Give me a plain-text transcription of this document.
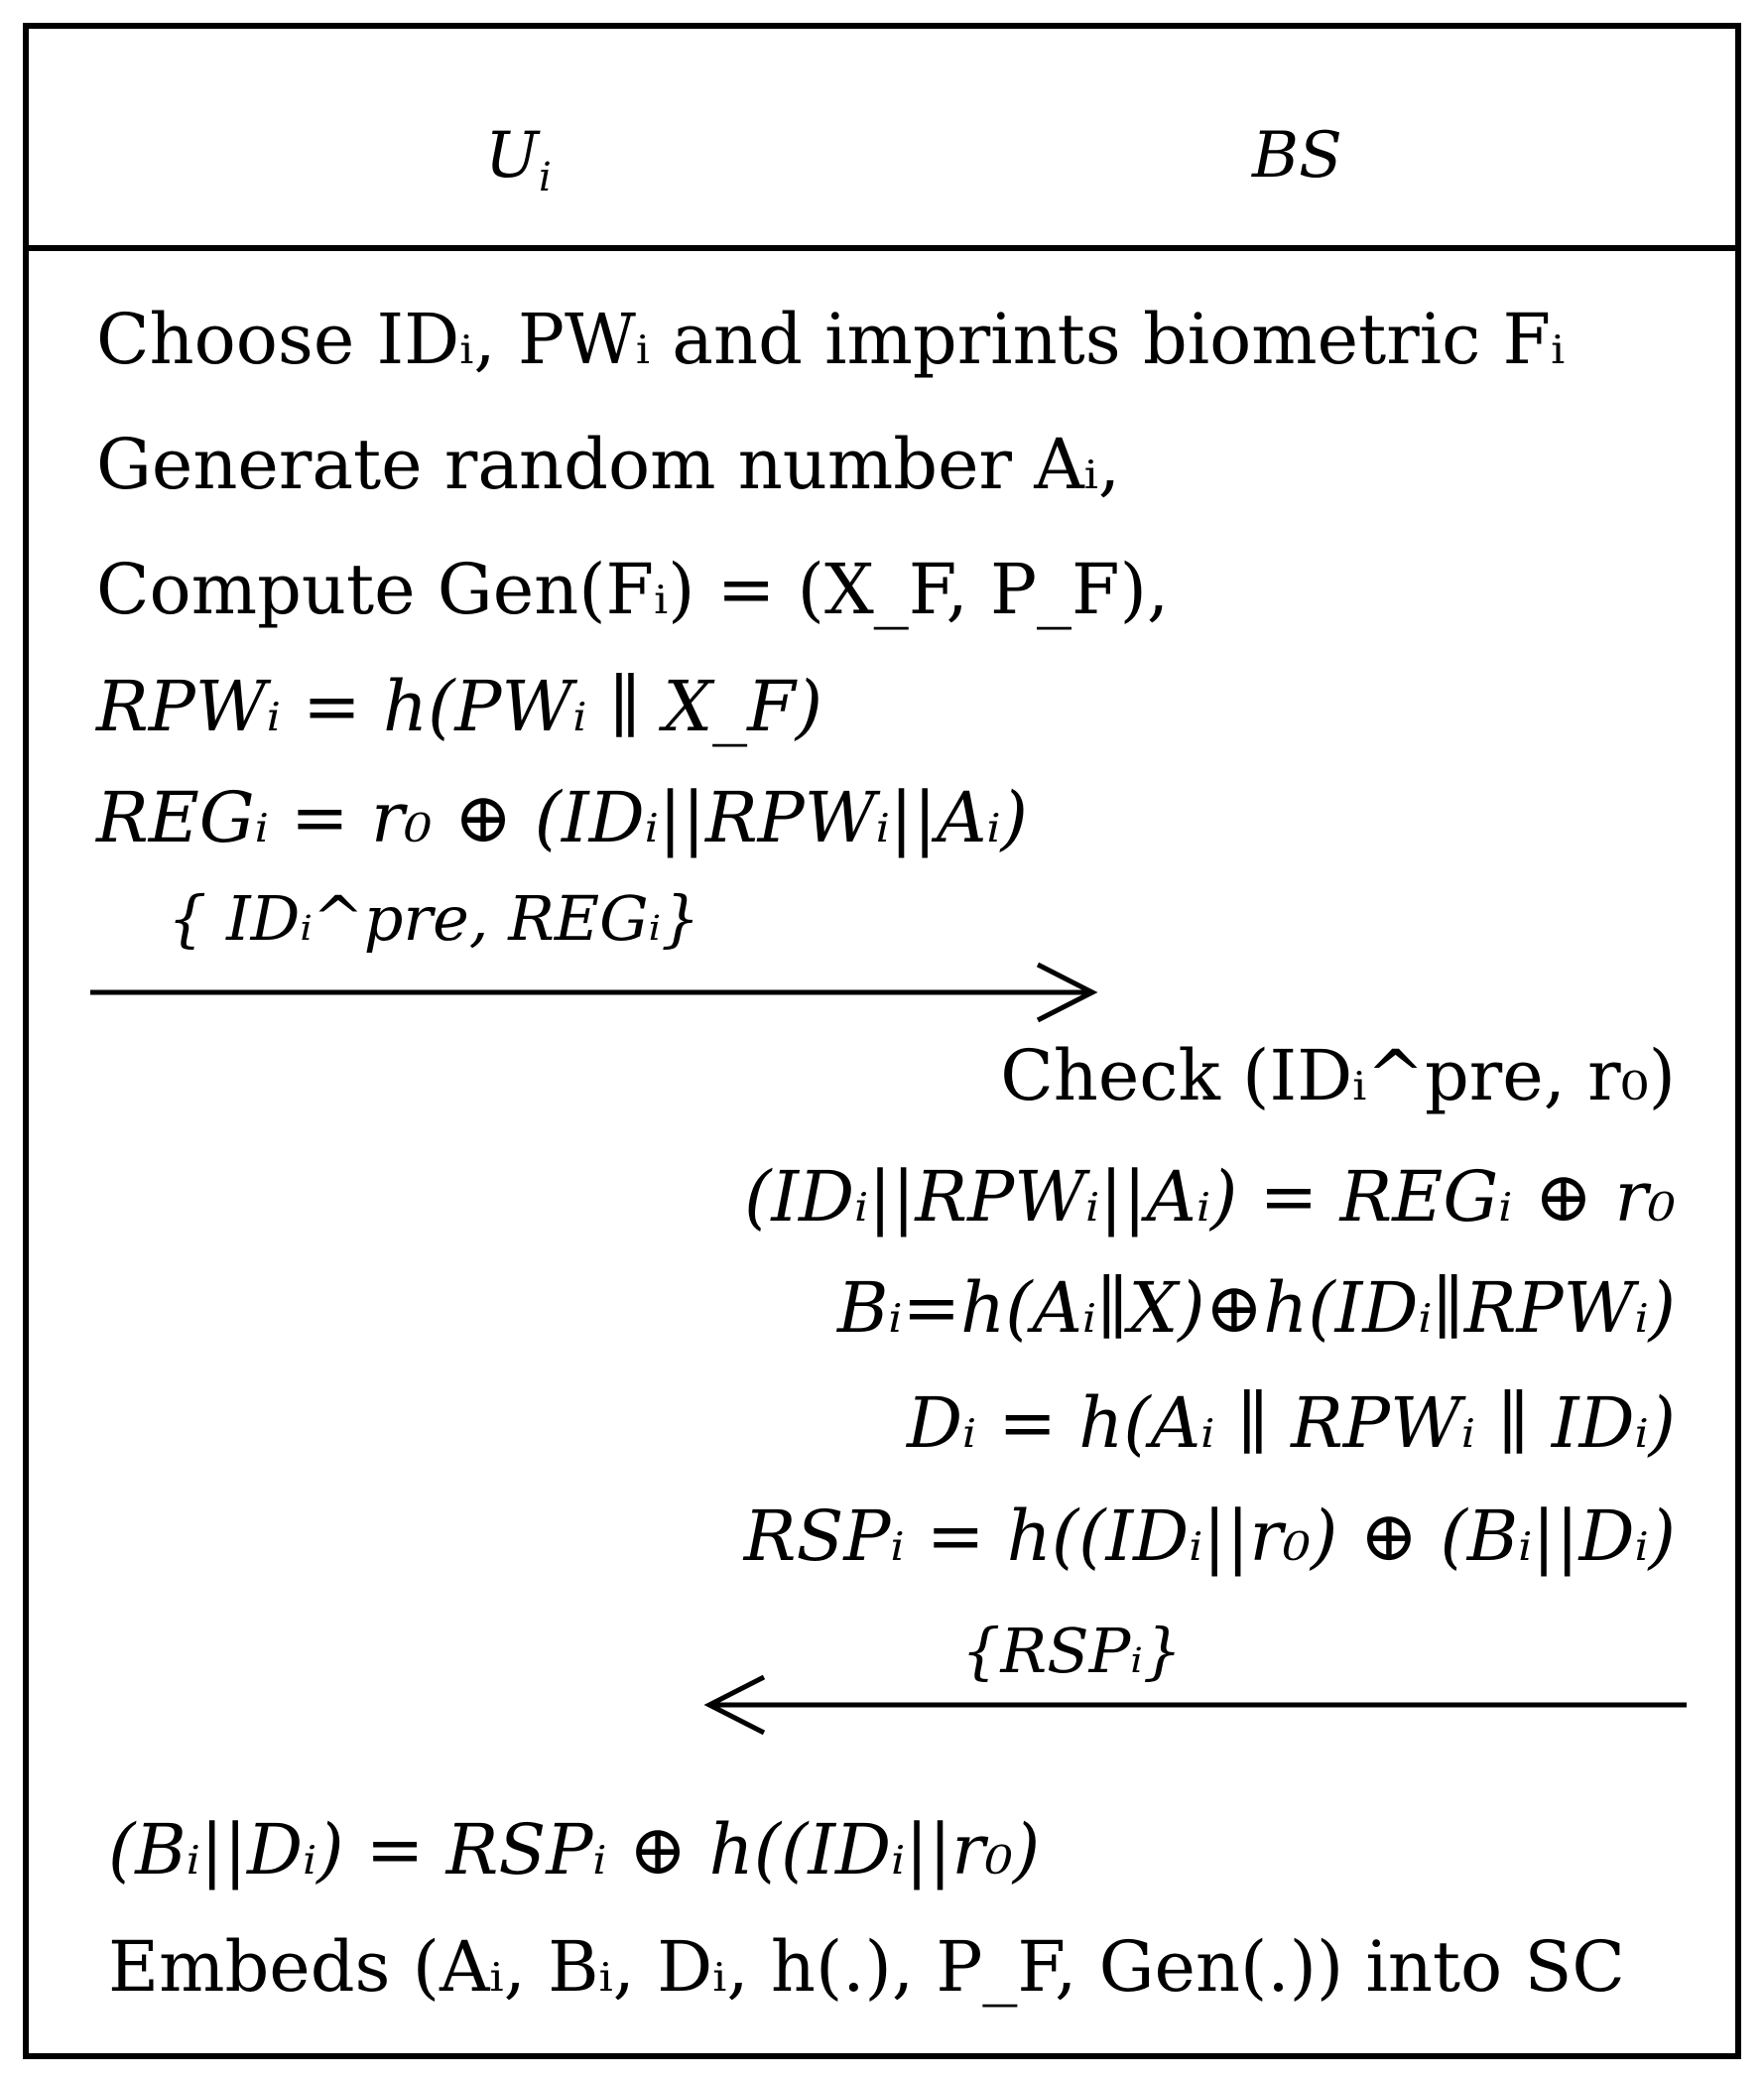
$U_i$	BS
Choose IDᵢ, PWᵢ and imprints biometric Fᵢ
Generate random number Aᵢ,
Compute Gen(Fᵢ) = (X_F, P_F),
RPWᵢ = h(PWᵢ ∥ X_F)
REGᵢ = r₀ ⊕ (IDᵢ||RPWᵢ||Aᵢ)
{ IDᵢ^pre, REGᵢ}
Check (IDᵢ^pre, r₀)
(IDᵢ||RPWᵢ||Aᵢ) = REGᵢ ⊕ r₀
Bᵢ=h(Aᵢ∥X)⊕h(IDᵢ∥RPWᵢ)
Dᵢ = h(Aᵢ ∥ RPWᵢ ∥ IDᵢ)
RSPᵢ = h((IDᵢ||r₀) ⊕ (Bᵢ||Dᵢ)
{RSPᵢ}
(Bᵢ||Dᵢ) = RSPᵢ ⊕ h((IDᵢ||r₀)
Embeds (Aᵢ, Bᵢ, Dᵢ, h(.), P_F, Gen(.)) into SC
